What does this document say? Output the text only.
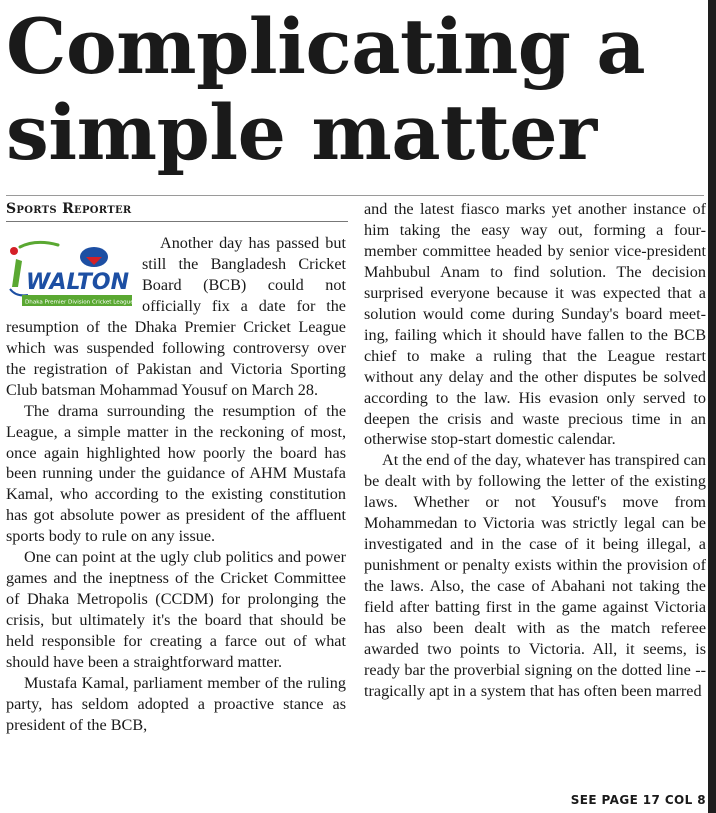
Complicating a
simple matter
Sports Reporter

WALTON
Dhaka Premier Division Cricket League' 11-12
Another day has passed but still the Bangladesh Cricket Board (BCB) could not officially fix a date for the resumption of the Dhaka Premier Cricket League which was suspended following controversy over the registration of Pakistan and Victoria Sporting Club batsman Mohammad Yousuf on March 28.

The drama surrounding the resumption of the League, a simple matter in the reckoning of most, once again highlighted how poorly the board has been running under the guidance of AHM Mustafa Kamal, who according to the existing constitution has got absolute power as president of the affluent sports body to rule on any issue.

One can point at the ugly club politics and power games and the ineptness of the Cricket Committee of Dhaka Metropolis (CCDM) for prolonging the crisis, but ultimately it's the board that should be held responsible for creating a farce out of what should have been a straightforward matter.

Mustafa Kamal, parliament member of the ruling party, has seldom adopted a proactive stance as president of the BCB,

and the latest fiasco marks yet another instance of him taking the easy way out, forming a four-member committee headed by senior vice-president Mahbubul Anam to find solution. The decision surprised everyone because it was expected that a solution would come during Sunday's board meeting, failing which it should have fallen to the BCB chief to make a ruling that the League restart without any delay and the other disputes be solved according to the law. His evasion only served to deepen the crisis and waste precious time in an otherwise stop-start domestic calendar.

At the end of the day, whatever has transpired can be dealt with by following the letter of the existing laws. Whether or not Yousuf's move from Mohammedan to Victoria was strictly legal can be investigated and in the case of it being illegal, a punishment or penalty exists within the provision of the laws. Also, the case of Abahani not taking the field after batting first in the game against Victoria has also been dealt with as the match referee awarded two points to Victoria. All, it seems, is ready bar the proverbial signing on the dotted line -- tragically apt in a system that has often been marred

SEE PAGE 17 COL 8
